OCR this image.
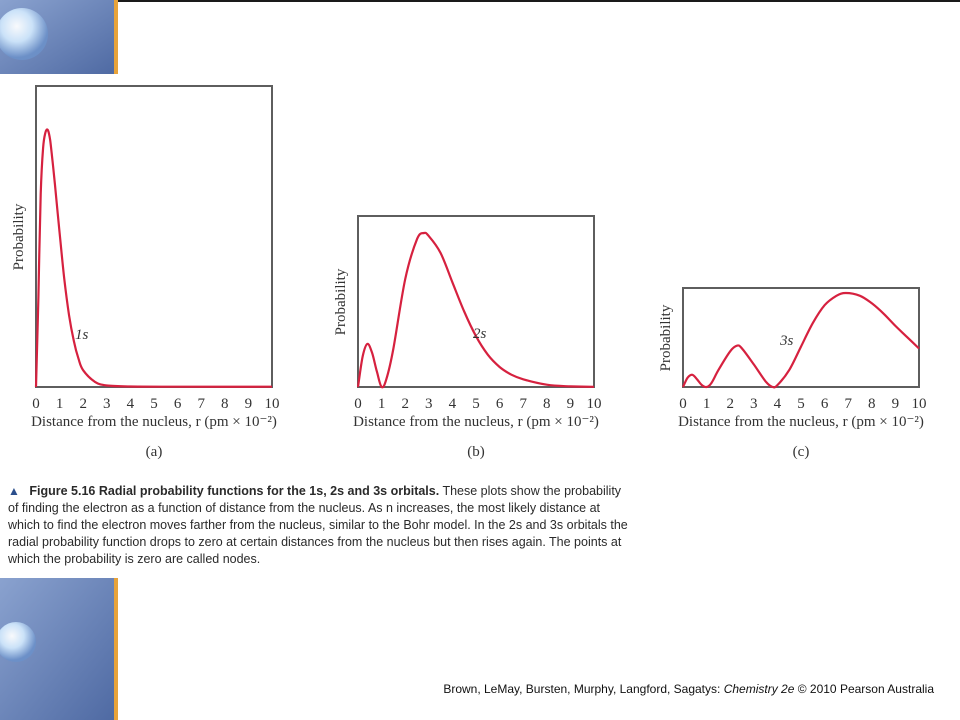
0 1 2 3 4 5 6 7 8 9 10
Probability
Distance from the nucleus, r (pm × 10⁻²)
1s
(a)
0 1 2 3 4 5 6 7 8 9 10
Probability
Distance from the nucleus, r (pm × 10⁻²)
2s
(b)
0 1 2 3 4 5 6 7 8 9 10
Probability
Distance from the nucleus, r (pm × 10⁻²)
3s
(c)
▲ Figure 5.16 Radial probability functions for the 1s, 2s and 3s orbitals. These plots show the probability of finding the electron as a function of distance from the nucleus. As n increases, the most likely distance at which to find the electron moves farther from the nucleus, similar to the Bohr model. In the 2s and 3s orbitals the radial probability function drops to zero at certain distances from the nucleus but then rises again. The points at which the probability is zero are called nodes.
Brown, LeMay, Bursten, Murphy, Langford, Sagatys: Chemistry 2e © 2010 Pearson Australia
